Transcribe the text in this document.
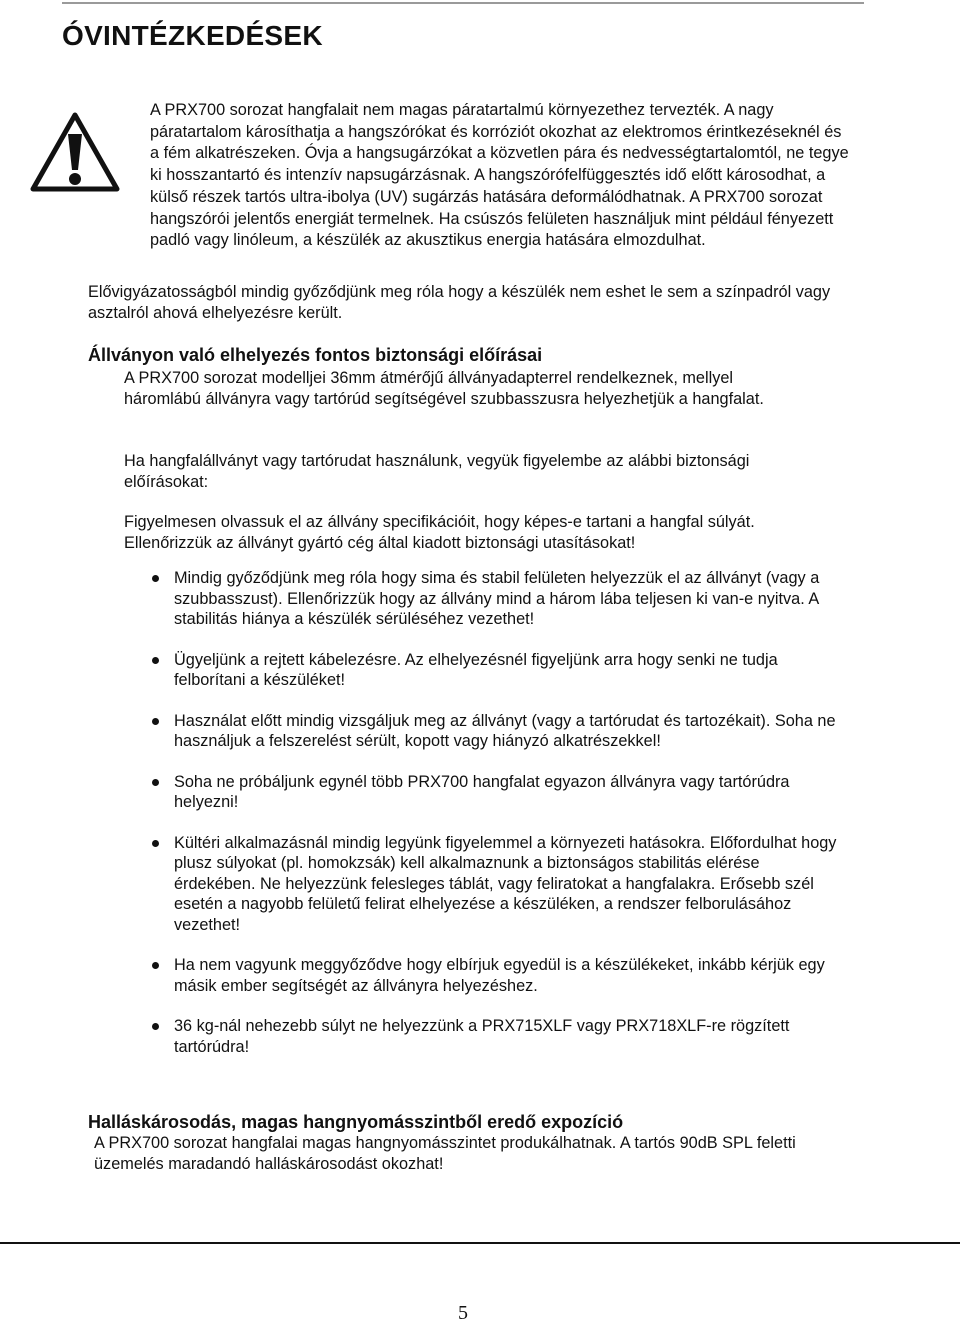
ÓVINTÉZKEDÉSEK

A PRX700 sorozat hangfalait nem magas páratartalmú környezethez tervezték. A nagy páratartalom károsíthatja a hangszórókat és korróziót okozhat az elektromos érintkezéseknél és a fém alkatrészeken. Óvja a hangsugárzókat a közvetlen pára és nedvességtartalomtól, ne tegye ki hosszantartó és intenzív napsugárzásnak. A hangszórófelfüggesztés idő előtt károsodhat, a külső részek tartós ultra-ibolya (UV) sugárzás hatására deformálódhatnak. A PRX700 sorozat hangszórói jelentős energiát termelnek. Ha csúszós felületen használjuk mint például fényezett padló vagy linóleum, a készülék az akusztikus energia hatására elmozdulhat.

Elővigyázatosságból mindig győződjünk meg róla hogy a készülék nem eshet le sem a színpadról vagy asztalról ahová elhelyezésre került.

Állványon való elhelyezés fontos biztonsági előírásai

A PRX700 sorozat modelljei 36mm átmérőjű állványadapterrel rendelkeznek, mellyel háromlábú állványra vagy tartórúd segítségével szubbasszusra helyezhetjük a hangfalat.

Ha hangfalállványt vagy tartórudat használunk, vegyük figyelembe az alábbi biztonsági előírásokat:

Figyelmesen olvassuk el az állvány specifikációit, hogy képes-e tartani a hangfal súlyát. Ellenőrizzük az állványt gyártó cég által kiadott biztonsági utasításokat!

Mindig győződjünk meg róla hogy sima és stabil felületen helyezzük el az állványt (vagy a szubbasszust). Ellenőrizzük hogy az állvány mind a három lába teljesen ki van-e nyitva. A stabilitás hiánya a készülék sérüléséhez vezethet!
Ügyeljünk a rejtett kábelezésre. Az elhelyezésnél figyeljünk arra hogy senki ne tudja felborítani a készüléket!
Használat előtt mindig vizsgáljuk meg az állványt (vagy a tartórudat és tartozékait). Soha ne használjuk a felszerelést sérült, kopott vagy hiányzó alkatrészekkel!
Soha ne próbáljunk egynél több PRX700 hangfalat egyazon állványra vagy tartórúdra helyezni!
Kültéri alkalmazásnál mindig legyünk figyelemmel a környezeti hatásokra. Előfordulhat hogy plusz súlyokat (pl. homokzsák) kell alkalmaznunk a biztonságos stabilitás elérése érdekében. Ne helyezzünk felesleges táblát, vagy feliratokat a hangfalakra. Erősebb szél esetén a nagyobb felületű felirat elhelyezése a készüléken, a rendszer felborulásához vezethet!
Ha nem vagyunk meggyőződve hogy elbírjuk egyedül is a készülékeket, inkább kérjük egy másik ember segítségét az állványra helyezéshez.
36 kg-nál nehezebb súlyt ne helyezzünk a PRX715XLF vagy PRX718XLF-re rögzített tartórúdra!
Halláskárosodás, magas hangnyomásszintből eredő expozíció

A PRX700 sorozat hangfalai magas hangnyomásszintet produkálhatnak. A tartós 90dB SPL feletti üzemelés maradandó halláskárosodást okozhat!

5
